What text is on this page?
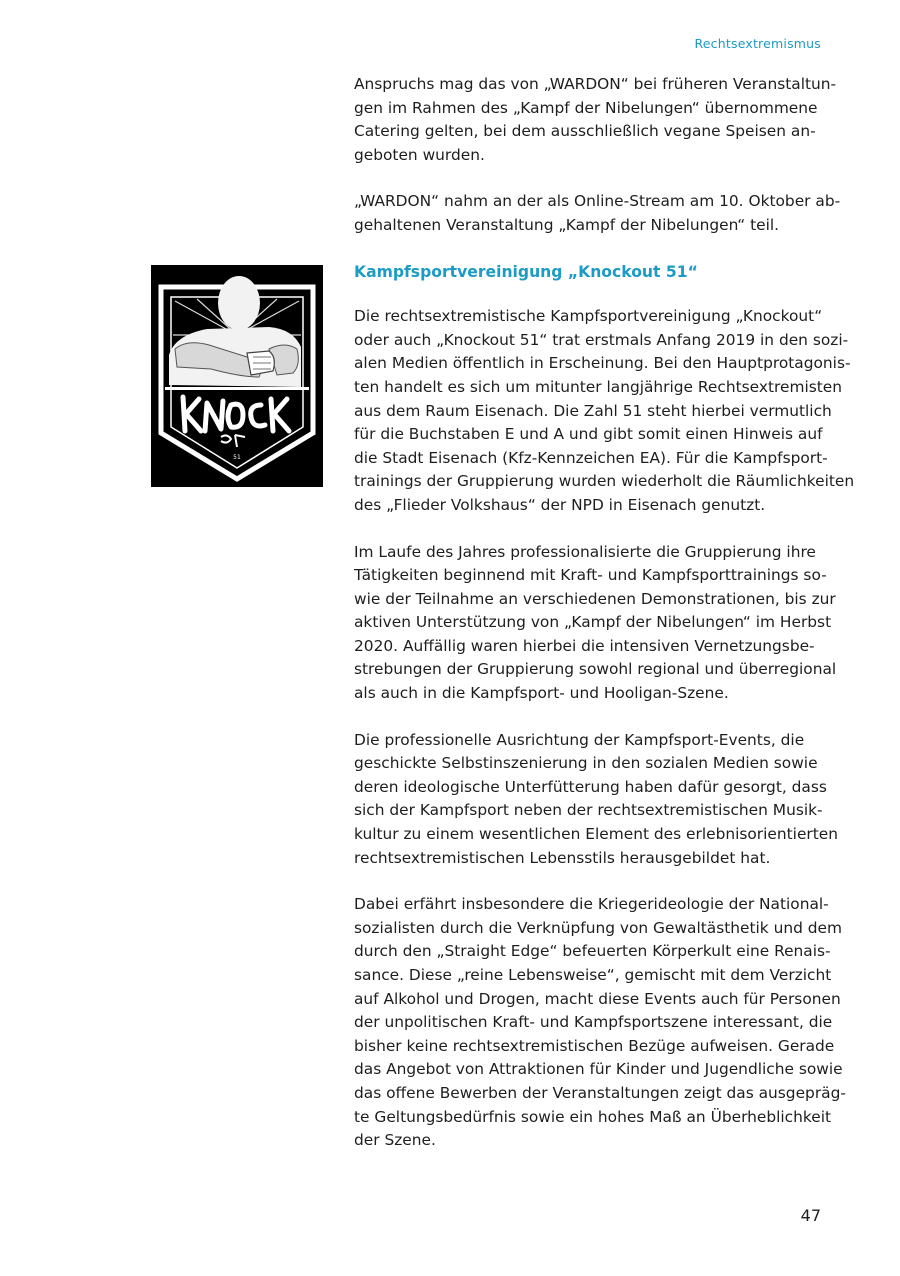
Rechtsextremismus
51

Anspruchs mag das von „WARDON“ bei früheren Veranstaltun-
gen im Rahmen des „Kampf der Nibelungen“ übernommene
Catering gelten, bei dem ausschließlich vegane Speisen an-
geboten wurden.

„WARDON“ nahm an der als Online-Stream am 10. Oktober ab-
gehaltenen Veranstaltung „Kampf der Nibelungen“ teil.

Kampfsportvereinigung „Knockout 51“

Die rechtsextremistische Kampfsportvereinigung „Knockout“
oder auch „Knockout 51“ trat erstmals Anfang 2019 in den sozi-
alen Medien öffentlich in Erscheinung. Bei den Hauptprotagonis-
ten handelt es sich um mitunter langjährige Rechtsextremisten
aus dem Raum Eisenach. Die Zahl 51 steht hierbei vermutlich
für die Buchstaben E und A und gibt somit einen Hinweis auf
die Stadt Eisenach (Kfz-Kennzeichen EA). Für die Kampfsport-
trainings der Gruppierung wurden wiederholt die Räumlichkeiten
des „Flieder Volkshaus“ der NPD in Eisenach genutzt.

Im Laufe des Jahres professionalisierte die Gruppierung ihre
Tätigkeiten beginnend mit Kraft- und Kampfsporttrainings so-
wie der Teilnahme an verschiedenen Demonstrationen, bis zur
aktiven Unterstützung von „Kampf der Nibelungen“ im Herbst
2020. Auffällig waren hierbei die intensiven Vernetzungsbe-
strebungen der Gruppierung sowohl regional und überregional
als auch in die Kampfsport- und Hooligan-Szene.

Die professionelle Ausrichtung der Kampfsport-Events, die
geschickte Selbstinszenierung in den sozialen Medien sowie
deren ideologische Unterfütterung haben dafür gesorgt, dass
sich der Kampfsport neben der rechtsextremistischen Musik-
kultur zu einem wesentlichen Element des erlebnisorientierten
rechtsextremistischen Lebensstils herausgebildet hat.

Dabei erfährt insbesondere die Kriegerideologie der National-
sozialisten durch die Verknüpfung von Gewaltästhetik und dem
durch den „Straight Edge“ befeuerten Körperkult eine Renais-
sance. Diese „reine Lebensweise“, gemischt mit dem Verzicht
auf Alkohol und Drogen, macht diese Events auch für Personen
der unpolitischen Kraft- und Kampfsportszene interessant, die
bisher keine rechtsextremistischen Bezüge aufweisen. Gerade
das Angebot von Attraktionen für Kinder und Jugendliche sowie
das offene Bewerben der Veranstaltungen zeigt das ausgepräg-
te Geltungsbedürfnis sowie ein hohes Maß an Überheblichkeit
der Szene.

47
